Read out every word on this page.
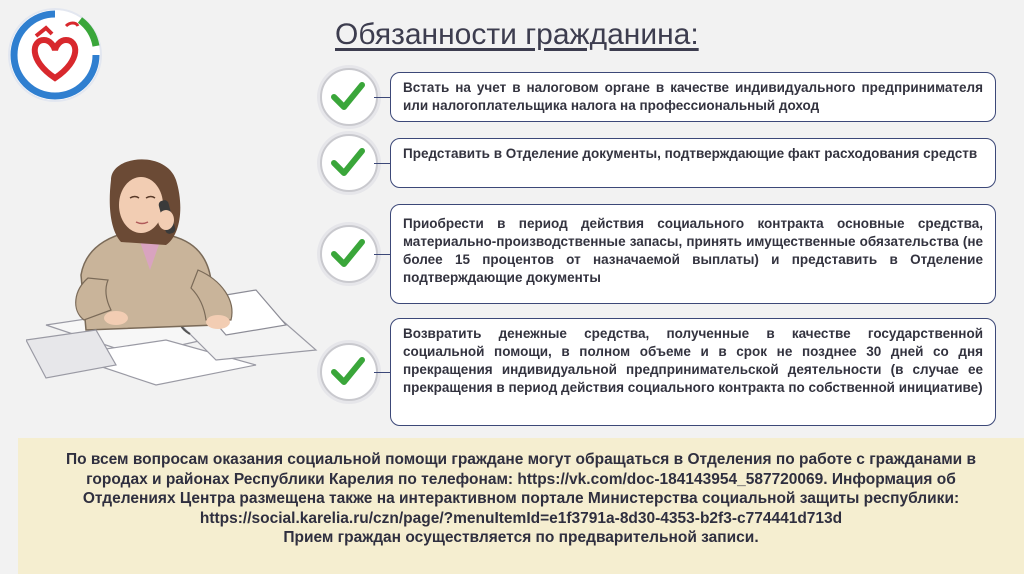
Обязанности гражданина:
Встать на учет в налоговом органе в качестве индивидуального предпринимателя или налогоплательщика налога на профессиональный доход
Представить в Отделение документы, подтверждающие факт расходования средств
Приобрести в период действия социального контракта основные средства, материально-производственные запасы, принять имущественные обязательства (не более 15 процентов от назначаемой выплаты) и представить в Отделение подтверждающие документы
Возвратить денежные средства, полученные в качестве государственной социальной помощи, в полном объеме и в срок не позднее 30 дней со дня прекращения индивидуальной предпринимательской деятельности (в случае ее прекращения в период действия социального контракта по собственной инициативе)

По всем вопросам оказания социальной помощи граждане могут обращаться в Отделения по работе с гражданами в городах и районах Республики Карелия по телефонам: https://vk.com/doc-184143954_587720069. Информация об Отделениях Центра размещена также на интерактивном портале Министерства социальной защиты республики: https://social.karelia.ru/czn/page/?menuItemId=e1f3791a-8d30-4353-b2f3-c774441d713d

Прием граждан осуществляется по предварительной записи.
